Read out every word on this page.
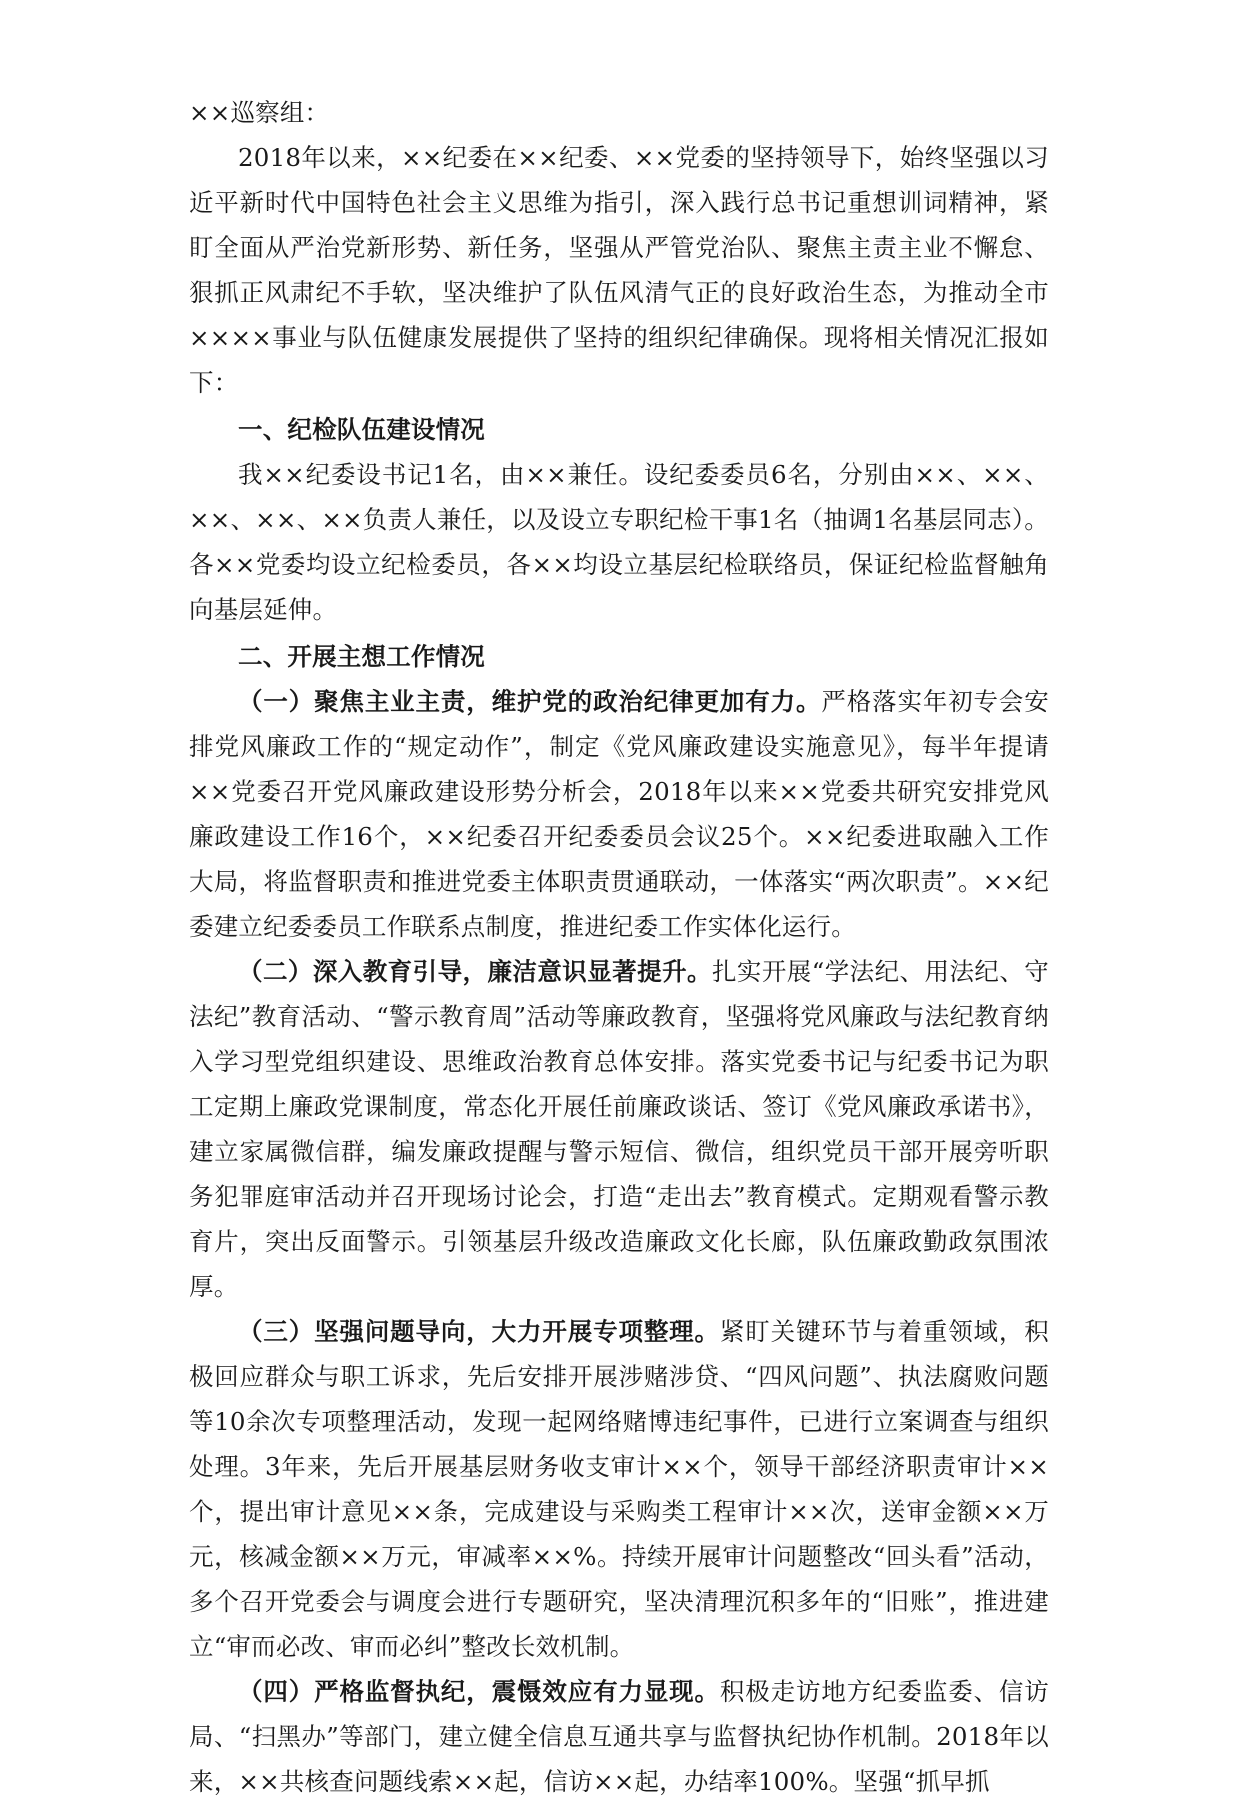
××巡察组：

2018年以来，××纪委在××纪委、××党委的坚持领导下，始终坚强以习近平新时代中国特色社会主义思维为指引，深入践行总书记重想训词精神，紧盯全面从严治党新形势、新任务，坚强从严管党治队、聚焦主责主业不懈怠、狠抓正风肃纪不手软，坚决维护了队伍风清气正的良好政治生态，为推动全市××××事业与队伍健康发展提供了坚持的组织纪律确保。现将相关情况汇报如下：

一、纪检队伍建设情况

我××纪委设书记1名，由××兼任。设纪委委员6名，分别由××、××、××、××、××负责人兼任，以及设立专职纪检干事1名（抽调1名基层同志）。各××党委均设立纪检委员，各××均设立基层纪检联络员，保证纪检监督触角向基层延伸。

二、开展主想工作情况

（一）聚焦主业主责，维护党的政治纪律更加有力。严格落实年初专会安排党风廉政工作的“规定动作”，制定《党风廉政建设实施意见》，每半年提请××党委召开党风廉政建设形势分析会，2018年以来××党委共研究安排党风廉政建设工作16个，××纪委召开纪委委员会议25个。××纪委进取融入工作大局，将监督职责和推进党委主体职责贯通联动，一体落实“两次职责”。××纪委建立纪委委员工作联系点制度，推进纪委工作实体化运行。

（二）深入教育引导，廉洁意识显著提升。扎实开展“学法纪、用法纪、守法纪”教育活动、“警示教育周”活动等廉政教育，坚强将党风廉政与法纪教育纳入学习型党组织建设、思维政治教育总体安排。落实党委书记与纪委书记为职工定期上廉政党课制度，常态化开展任前廉政谈话、签订《党风廉政承诺书》，建立家属微信群，编发廉政提醒与警示短信、微信，组织党员干部开展旁听职务犯罪庭审活动并召开现场讨论会，打造“走出去”教育模式。定期观看警示教育片，突出反面警示。引领基层升级改造廉政文化长廊，队伍廉政勤政氛围浓厚。

（三）坚强问题导向，大力开展专项整理。紧盯关键环节与着重领域，积极回应群众与职工诉求，先后安排开展涉赌涉贷、“四风问题”、执法腐败问题等10余次专项整理活动，发现一起网络赌博违纪事件，已进行立案调查与组织处理。3年来，先后开展基层财务收支审计××个，领导干部经济职责审计××个，提出审计意见××条，完成建设与采购类工程审计××次，送审金额××万元，核减金额××万元，审减率××%。持续开展审计问题整改“回头看”活动，多个召开党委会与调度会进行专题研究，坚决清理沉积多年的“旧账”，推进建立“审而必改、审而必纠”整改长效机制。

（四）严格监督执纪，震慑效应有力显现。积极走访地方纪委监委、信访局、“扫黑办”等部门，建立健全信息互通共享与监督执纪协作机制。2018年以来，××共核查问题线索××起，信访××起，办结率100%。坚强“抓早抓
